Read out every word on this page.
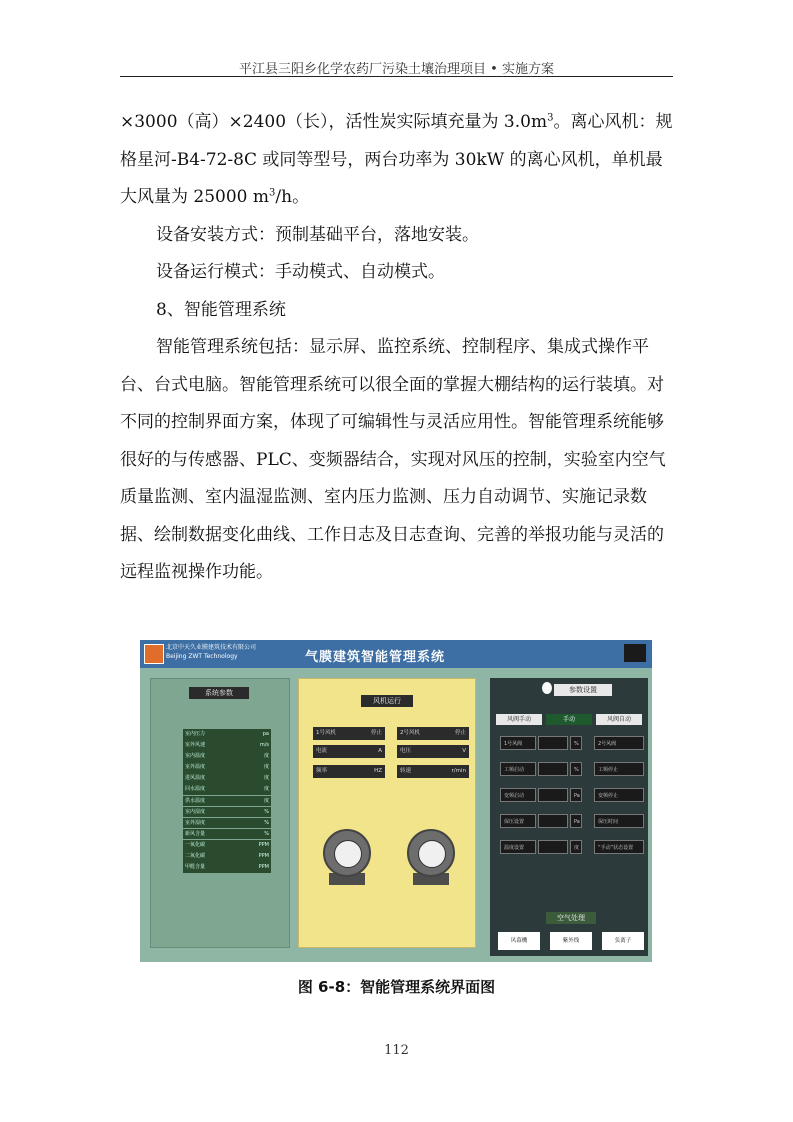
平江县三阳乡化学农药厂污染土壤治理项目 • 实施方案

×3000（高）×2400（长），活性炭实际填充量为 $3.0m^3$。离心风机：规格星河-B4-72-8C 或同等型号，两台功率为 30kW 的离心风机，单机最大风量为 25000 $m^3/h$。

设备安装方式：预制基础平台，落地安装。

设备运行模式：手动模式、自动模式。

8、智能管理系统

智能管理系统包括：显示屏、监控系统、控制程序、集成式操作平台、台式电脑。智能管理系统可以很全面的掌握大棚结构的运行装填。对不同的控制界面方案，体现了可编辑性与灵活应用性。智能管理系统能够很好的与传感器、PLC、变频器结合，实现对风压的控制，实验室内空气质量监测、室内温湿监测、室内压力监测、压力自动调节、实施记录数据、绘制数据变化曲线、工作日志及日志查询、完善的举报功能与灵活的远程监视操作功能。

北京中天久业膜建筑技术有限公司
Beijing ZWT Technology	气膜建筑智能管理系统
系统参数
室内压力	pa
室外风速	m/s
室内温度	度
室外温度	度
进风温度	度
回水温度	度
供水温度	度
室内湿度	%
室外湿度	%
新风含量	%
一氧化碳	PPM
二氧化碳	PPM
甲醛含量	PPM
风机运行
1号风机	停止
电流	A
频率	HZ
2号风机	停止
电压	V
转速	r/min
参数设置
风阀手动	手动	风阀自动
1号风阀	%
工频启动	%
变频启动	Pa
保压设置	Pa
温度设置	度
2号风阀
工频停止
变频停止
保压时间
“手动”状态设置
空气处理
风幕機	紫外线	负离子
图 6-8：智能管理系统界面图
112
